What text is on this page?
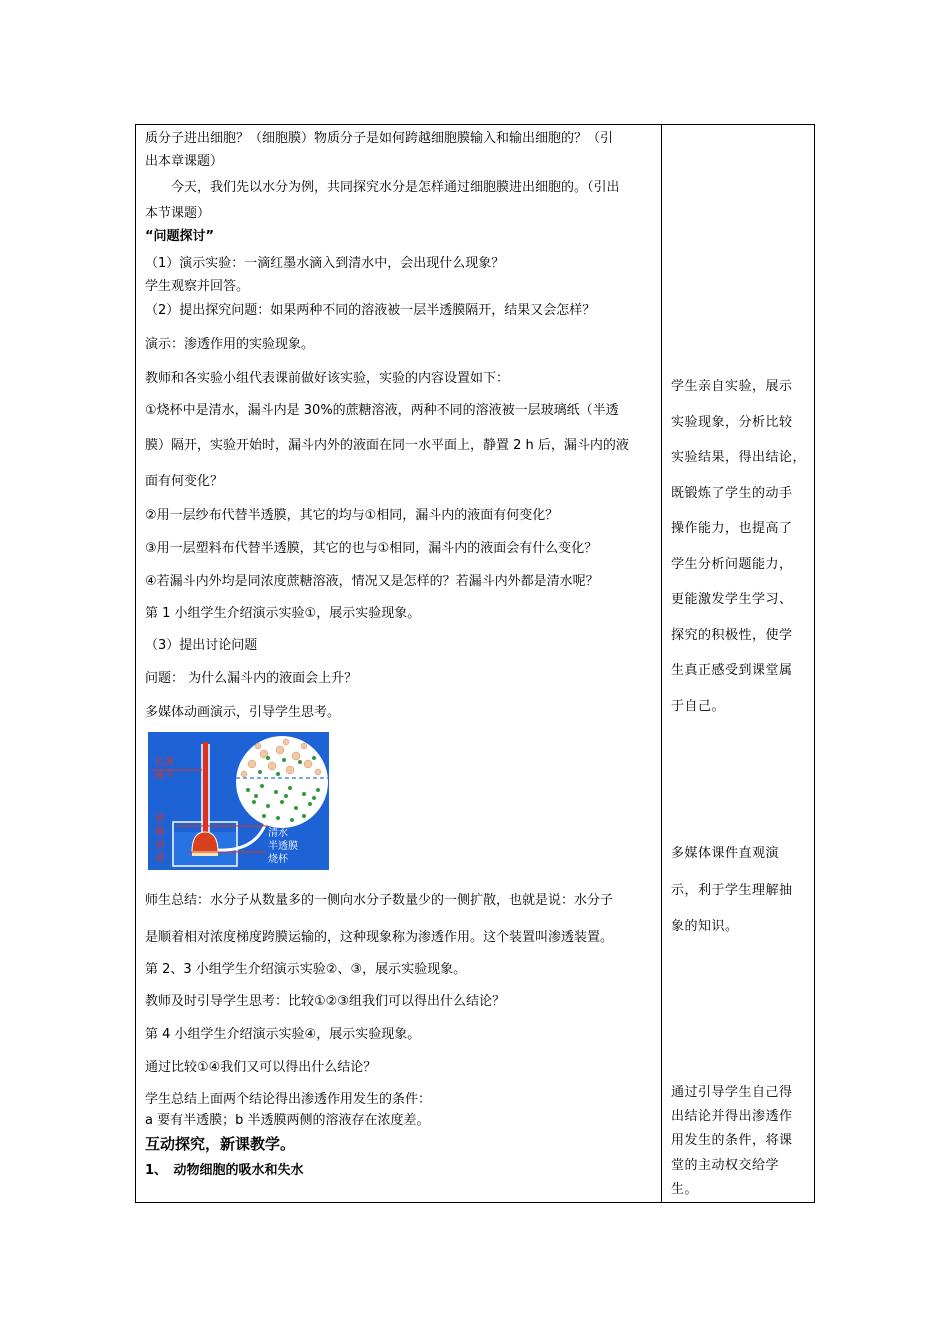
质分子进出细胞？（细胞膜）物质分子是如何跨越细胞膜输入和输出细胞的？（引
出本章课题）
　　今天，我们先以水分为例，共同探究水分是怎样通过细胞膜进出细胞的。（引出
本节课题）
“问题探讨”
（1）演示实验：一滴红墨水滴入到清水中，会出现什么现象？
学生观察并回答。
（2）提出探究问题：如果两种不同的溶液被一层半透膜隔开，结果又会怎样？
演示：渗透作用的实验现象。
教师和各实验小组代表课前做好该实验，实验的内容设置如下：
①烧杯中是清水，漏斗内是 30%的蔗糖溶液，两种不同的溶液被一层玻璃纸（半透
膜）隔开，实验开始时，漏斗内外的液面在同一水平面上，静置 2 h 后，漏斗内的液
面有何变化？
②用一层纱布代替半透膜，其它的均与①相同，漏斗内的液面有何变化？
③用一层塑料布代替半透膜，其它的也与①相同，漏斗内的液面会有什么变化？
④若漏斗内外均是同浓度蔗糖溶液，情况又是怎样的？若漏斗内外都是清水呢？
第 1 小组学生介绍演示实验①，展示实验现象。
（3）提出讨论问题
问题： 为什么漏斗内的液面会上升？
多媒体动画演示，引导学生思考。
长颈
漏斗
蔗
糖
溶
液
清水
半透膜
烧杯
师生总结：水分子从数量多的一侧向水分子数量少的一侧扩散，也就是说：水分子
是顺着相对浓度梯度跨膜运输的，这种现象称为渗透作用。这个装置叫渗透装置。
第 2、3 小组学生介绍演示实验②、③，展示实验现象。
教师及时引导学生思考：比较①②③组我们可以得出什么结论？
第 4 小组学生介绍演示实验④，展示实验现象。
通过比较①④我们又可以得出什么结论？
学生总结上面两个结论得出渗透作用发生的条件：
a 要有半透膜；b 半透膜两侧的溶液存在浓度差。
互动探究，新课教学。
1、　动物细胞的吸水和失水
学生亲自实验，展示
实验现象，分析比较
实验结果，得出结论，
既锻炼了学生的动手
操作能力，也提高了
学生分析问题能力，
更能激发学生学习、
探究的积极性，使学
生真正感受到课堂属
于自己。
多媒体课件直观演
示，利于学生理解抽
象的知识。
通过引导学生自己得
出结论并得出渗透作
用发生的条件，将课
堂的主动权交给学
生。
